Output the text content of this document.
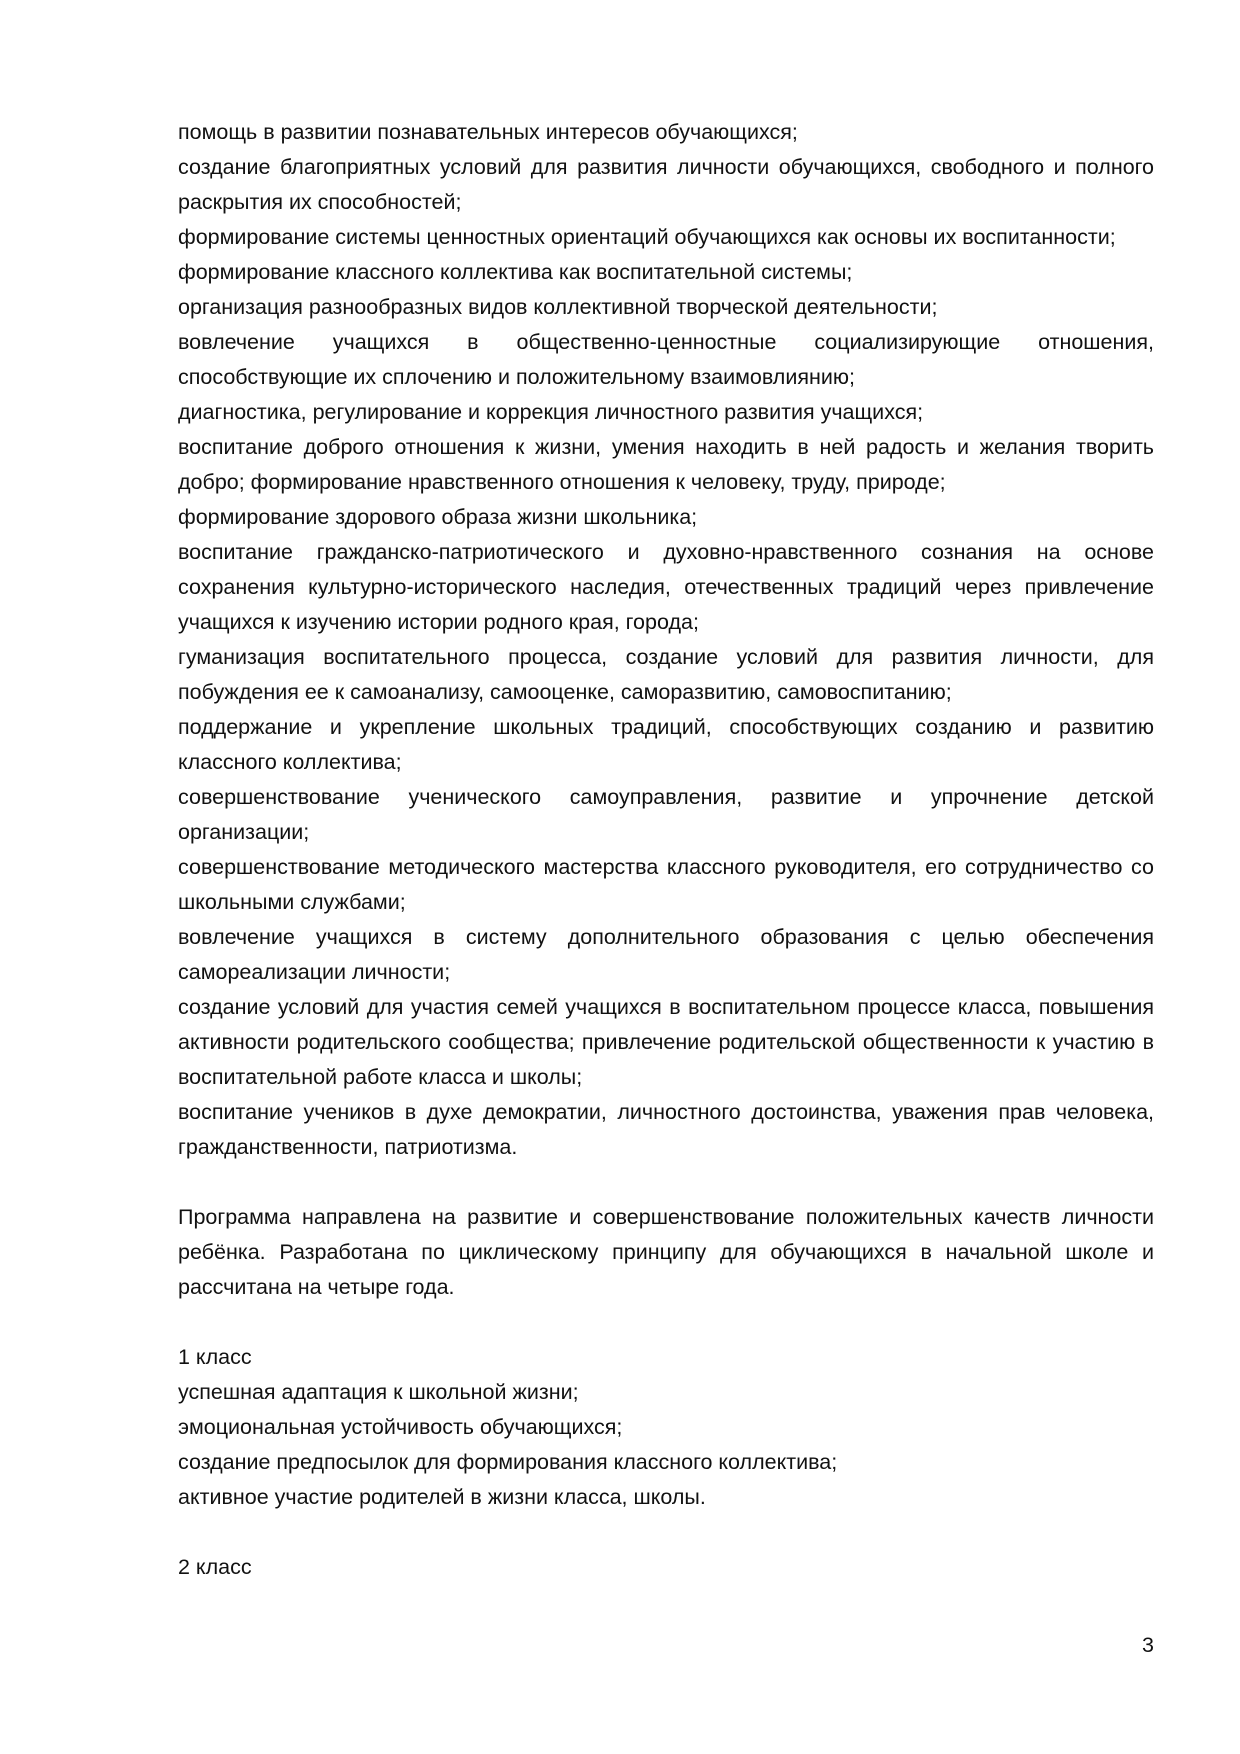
помощь в развитии познавательных интересов обучающихся;

создание благоприятных условий для развития личности обучающихся, свободного и полного раскрытия их способностей;

формирование системы ценностных ориентаций обучающихся как основы их воспитанности;

формирование классного коллектива как воспитательной системы;

организация разнообразных видов коллективной творческой деятельности;

вовлечение учащихся в общественно-ценностные социализирующие отношения, способствующие их сплочению и положительному взаимовлиянию;

диагностика, регулирование и коррекция личностного развития учащихся;

воспитание доброго отношения к жизни, умения находить в ней радость и желания творить добро; формирование нравственного отношения к человеку, труду, природе;

формирование здорового образа жизни школьника;

воспитание гражданско-патриотического и духовно-нравственного сознания на основе сохранения культурно-исторического наследия, отечественных традиций через привлечение учащихся к изучению истории родного края, города;

гуманизация воспитательного процесса, создание условий для развития личности, для побуждения ее к самоанализу, самооценке, саморазвитию, самовоспитанию;

поддержание и укрепление школьных традиций, способствующих созданию и развитию классного коллектива;

совершенствование ученического самоуправления, развитие и упрочнение детской организации;

совершенствование методического мастерства классного руководителя, его сотрудничество со школьными службами;

вовлечение учащихся в систему дополнительного образования с целью обеспечения самореализации личности;

создание условий для участия семей учащихся в воспитательном процессе класса, повышения активности родительского сообщества; привлечение родительской общественности к участию в воспитательной работе класса и школы;

воспитание учеников в духе демократии, личностного достоинства, уважения прав человека, гражданственности, патриотизма.

Программа направлена на развитие и совершенствование положительных качеств личности ребёнка. Разработана по циклическому принципу для обучающихся в начальной школе и рассчитана на четыре года.

1 класс

успешная адаптация к школьной жизни;

эмоциональная устойчивость обучающихся;

создание предпосылок для формирования классного коллектива;

активное участие родителей в жизни класса, школы.

2 класс

3
